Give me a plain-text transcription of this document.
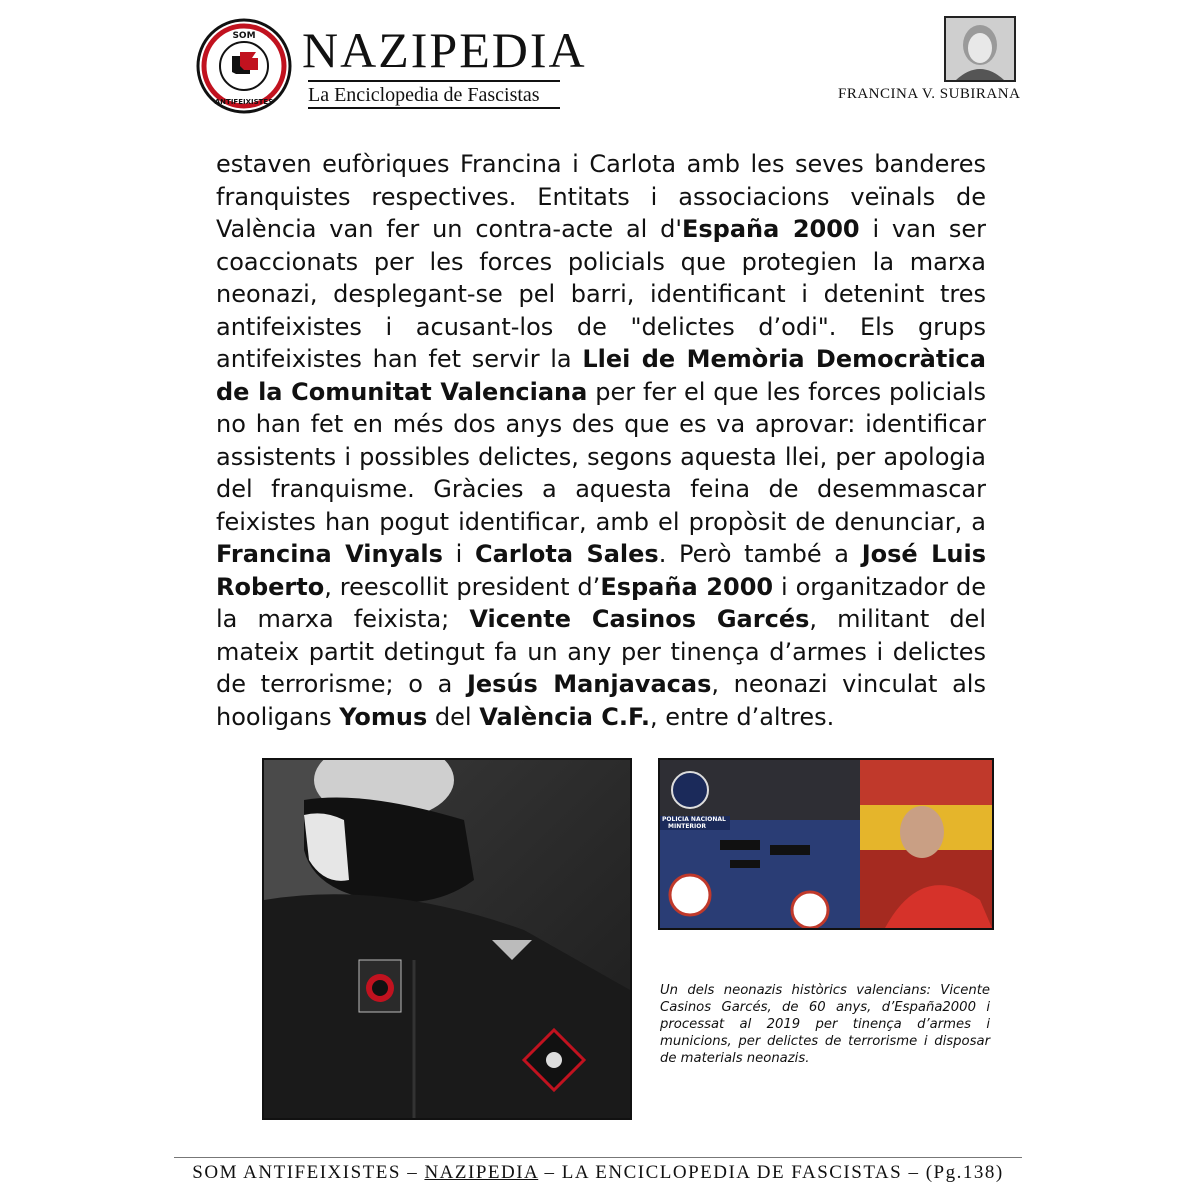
SOM
ANTIFEIXISTES
NAZIPEDIA
La Enciclopedia de Fascistas	FRANCINA V. SUBIRANA
estaven eufòriques Francina i Carlota amb les seves banderes franquistes respectives. Entitats i associacions veïnals de València van fer un contra-acte al d'España 2000 i van ser coaccionats per les forces policials que protegien la marxa neonazi, desplegant-se pel barri, identificant i detenint tres antifeixistes i acusant-los de "delictes d’odi". Els grups antifeixistes han fet servir la Llei de Memòria Democràtica de la Comunitat Valenciana per fer el que les forces policials no han fet en més dos anys des que es va aprovar: identificar assistents i possibles delictes, segons aquesta llei, per apologia del franquisme. Gràcies a aquesta feina de desemmascar feixistes han pogut identificar, amb el propòsit de denunciar, a Francina Vinyals i Carlota Sales. Però també a José Luis Roberto, reescollit president d’España 2000 i organitzador de la marxa feixista; Vicente Casinos Garcés, militant del mateix partit detingut fa un any per tinença d’armes i delictes de terrorisme; o a Jesús Manjavacas, neonazi vinculat als hooligans Yomus del València C.F., entre d’altres.
POLICIA NACIONAL
MINTERIOR
Un dels neonazis històrics valencians: Vicente Casinos Garcés, de 60 anys, d’España2000 i processat al 2019 per tinença d’armes i municions, per delictes de terrorisme i disposar de materials neonazis.
SOM ANTIFEIXISTES – NAZIPEDIA – LA ENCICLOPEDIA DE FASCISTAS – (Pg.138)
